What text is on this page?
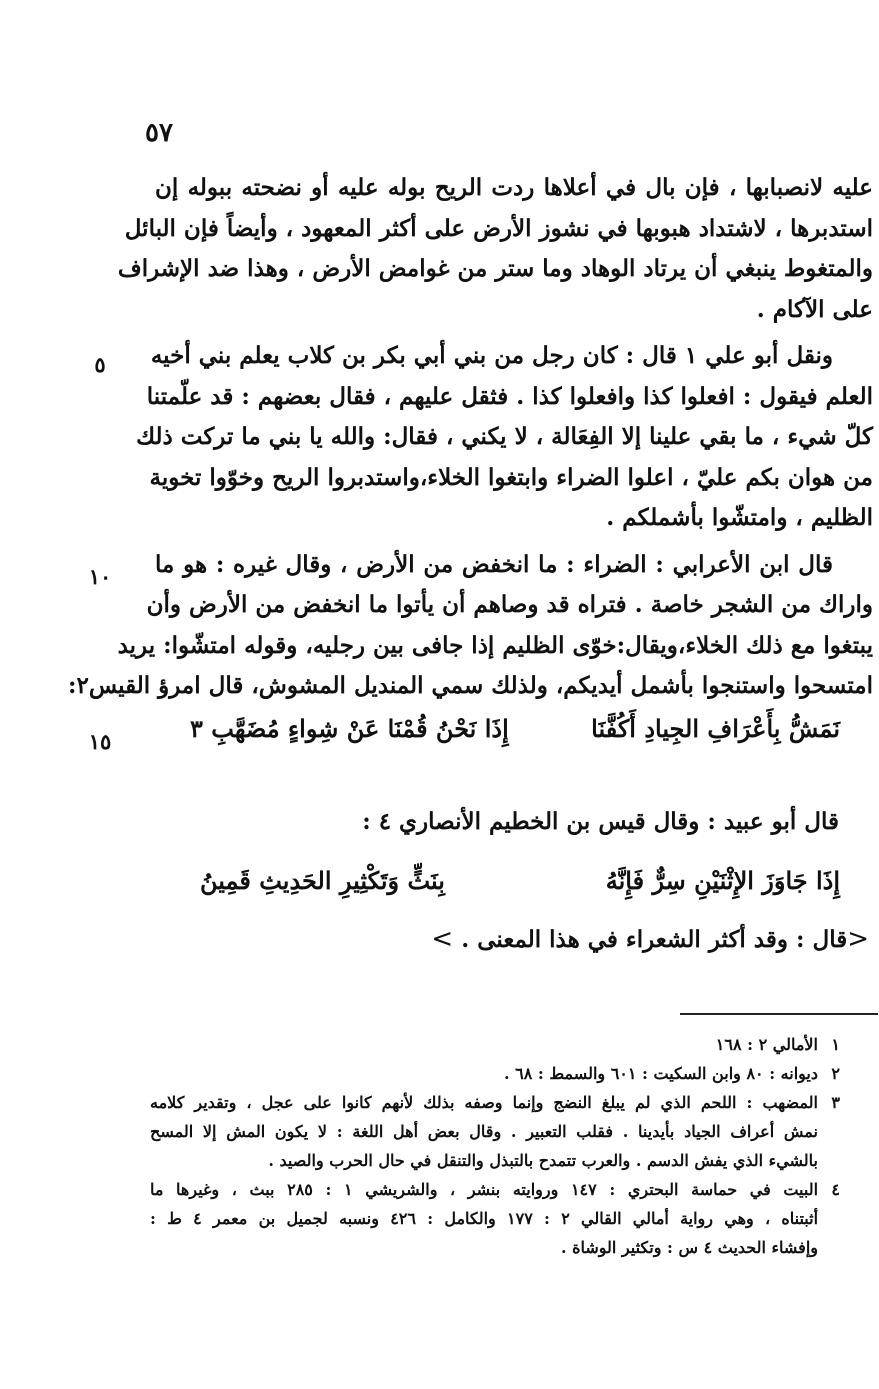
٥٧
٥
١٠
١٥
عليه لانصبابها ، فإن بال في أعلاها ردت الريح بوله عليه أو نضحته ببوله إن
استدبرها ، لاشتداد هبوبها في نشوز الأرض على أكثر المعهود ، وأيضاً فإن البائل
والمتغوط ينبغي أن يرتاد الوهاد وما ستر من غوامض الأرض ، وهذا ضد الإشراف
على الآكام .
ونقل أبو علي ١ قال : كان رجل من بني أبي بكر بن كلاب يعلم بني أخيه
العلم فيقول : افعلوا كذا وافعلوا كذا . فثقل عليهم ، فقال بعضهم : قد علّمتنا
كلّ شيء ، ما بقي علينا إلا الفِعَالة ، لا يكني ، فقال: والله يا بني ما تركت ذلك
من هوان بكم عليّ ، اعلوا الضراء وابتغوا الخلاء،واستدبروا الريح وخوّوا تخوية
الظليم ، وامتشّوا بأشملكم .
قال ابن الأعرابي : الضراء : ما انخفض من الأرض ، وقال غيره : هو ما
واراك من الشجر خاصة . فتراه قد وصاهم أن يأتوا ما انخفض من الأرض وأن
يبتغوا مع ذلك الخلاء،ويقال:خوّى الظليم إذا جافى بين رجليه، وقوله امتشّوا: يريد
امتسحوا واستنجوا بأشمل أيديكم، ولذلك سمي المنديل المشوش، قال امرؤ القيس٢:
نَمَشُّ بِأَعْرَافِ الجِيادِ أَكُفَّنَا
إِذَا نَحْنُ قُمْنَا عَنْ شِواءٍ مُضَهَّبِ ٣
قال أبو عبيد : وقال قيس بن الخطيم الأنصاري ٤ :
إِذَا جَاوَزَ الإِثْنَيْنِ سِرٌّ فَإِنَّهُ
بِنَثٍّ وَتَكْثِيرِ الحَدِيثِ قَمِينُ
<قال : وقد أكثر الشعراء في هذا المعنى . >
١الأمالي ٢ : ١٦٨
٢ديوانه : ٨٠ وابن السكيت : ٦٠١ والسمط : ٦٨ .
٣المضهب : اللحم الذي لم يبلغ النضج وإنما وصفه بذلك لأنهم كانوا على عجل ، وتقدير كلامه
نمش أعراف الجياد بأيدينا . فقلب التعبير . وقال بعض أهل اللغة : لا يكون المش إلا المسح
بالشيء الذي يفش الدسم . والعرب تتمدح بالتبذل والتنقل في حال الحرب والصيد .
٤البيت في حماسة البحتري : ١٤٧ وروايته بنشر ، والشريشي ١ : ٢٨٥ ببث ، وغيرها ما
أثبتناه ، وهي رواية أمالي القالي ٢ : ١٧٧ والكامل : ٤٢٦ ونسبه لجميل بن معمر ٤ ط :
وإفشاء الحديث ٤ س : وتكثير الوشاة .
